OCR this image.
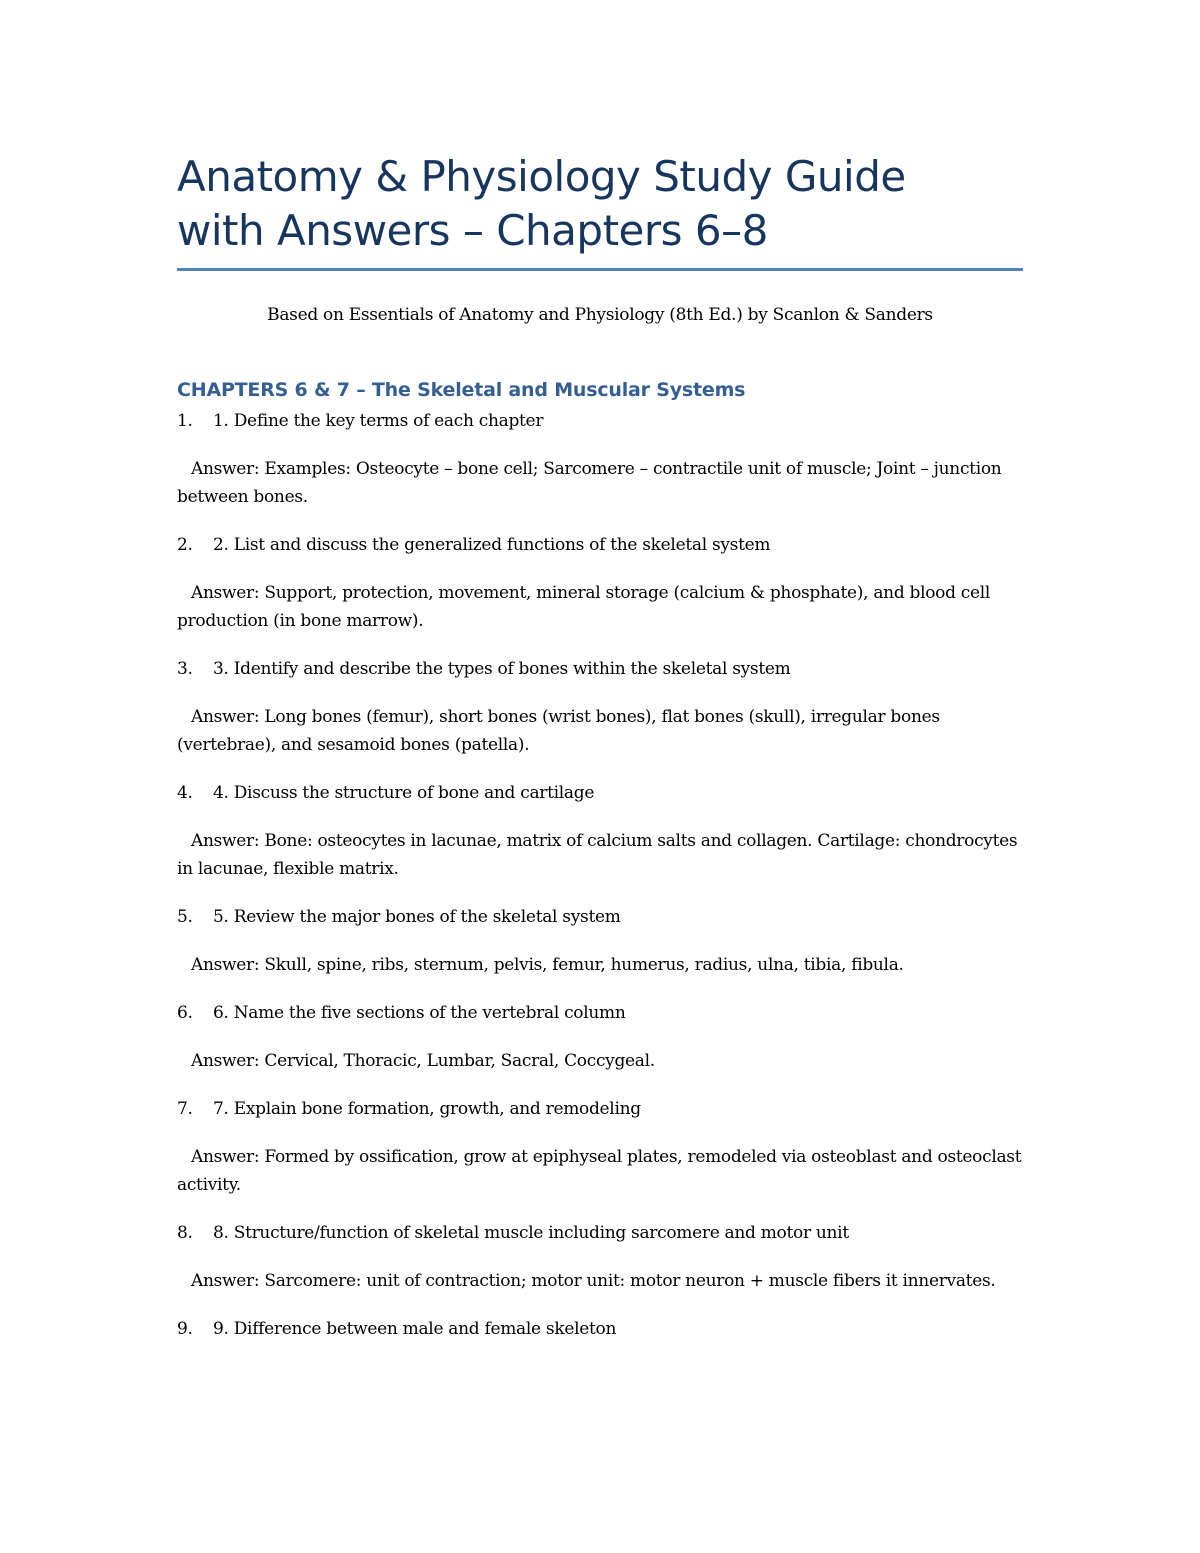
Anatomy & Physiology Study Guide
with Answers – Chapters 6–8
Based on Essentials of Anatomy and Physiology (8th Ed.) by Scanlon & Sanders
CHAPTERS 6 & 7 – The Skeletal and Muscular Systems
1.	1. Define the key terms of each chapter
Answer: Examples: Osteocyte – bone cell; Sarcomere – contractile unit of muscle; Joint – junction between bones.
2.	2. List and discuss the generalized functions of the skeletal system
Answer: Support, protection, movement, mineral storage (calcium & phosphate), and blood cell production (in bone marrow).
3.	3. Identify and describe the types of bones within the skeletal system
Answer: Long bones (femur), short bones (wrist bones), flat bones (skull), irregular bones (vertebrae), and sesamoid bones (patella).
4.	4. Discuss the structure of bone and cartilage
Answer: Bone: osteocytes in lacunae, matrix of calcium salts and collagen. Cartilage: chondrocytes in lacunae, flexible matrix.
5.	5. Review the major bones of the skeletal system
Answer: Skull, spine, ribs, sternum, pelvis, femur, humerus, radius, ulna, tibia, fibula.
6.	6. Name the five sections of the vertebral column
Answer: Cervical, Thoracic, Lumbar, Sacral, Coccygeal.
7.	7. Explain bone formation, growth, and remodeling
Answer: Formed by ossification, grow at epiphyseal plates, remodeled via osteoblast and osteoclast activity.
8.	8. Structure/function of skeletal muscle including sarcomere and motor unit
Answer: Sarcomere: unit of contraction; motor unit: motor neuron + muscle fibers it innervates.
9.	9. Difference between male and female skeleton
